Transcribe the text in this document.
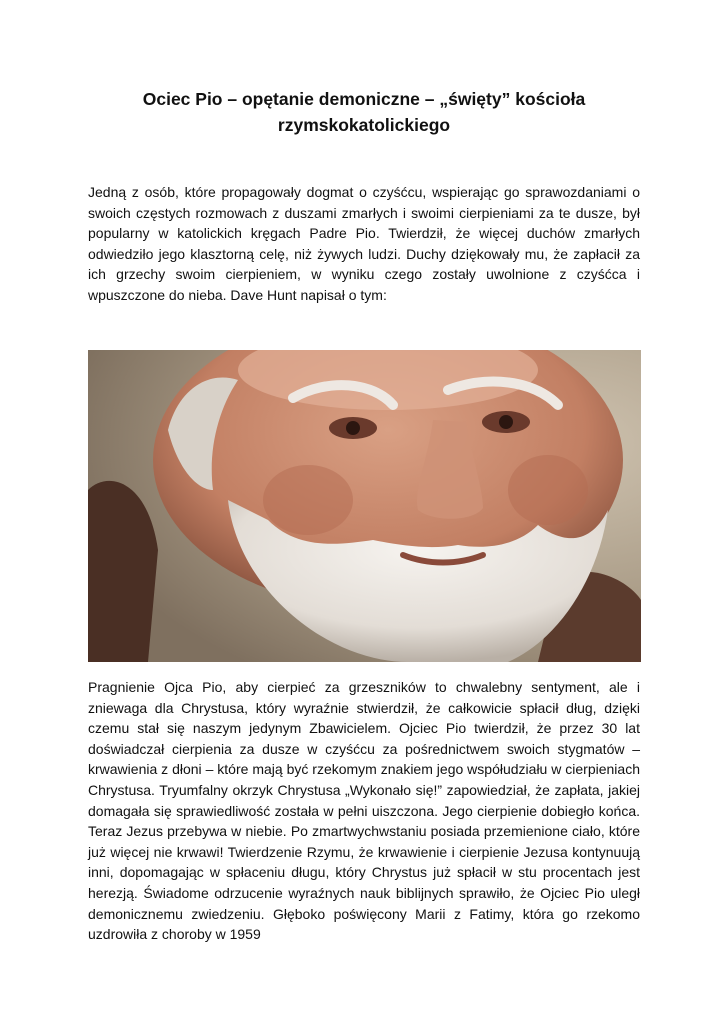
Ociec Pio – opętanie demoniczne – „święty” kościoła rzymskokatolickiego

Jedną z osób, które propagowały dogmat o czyśćcu, wspierając go sprawozdaniami o swoich częstych rozmowach z duszami zmarłych i swoimi cierpieniami za te dusze, był popularny w katolickich kręgach Padre Pio. Twierdził, że więcej duchów zmarłych odwiedziło jego klasztorną celę, niż żywych ludzi. Duchy dziękowały mu, że zapłacił za ich grzechy swoim cierpieniem, w wyniku czego zostały uwolnione z czyśćca i wpuszczone do nieba. Dave Hunt napisał o tym:

Pragnienie Ojca Pio, aby cierpieć za grzeszników to chwalebny sentyment, ale i zniewaga dla Chrystusa, który wyraźnie stwierdził, że całkowicie spłacił dług, dzięki czemu stał się naszym jedynym Zbawicielem. Ojciec Pio twierdził, że przez 30 lat doświadczał cierpienia za dusze w czyśćcu za pośrednictwem swoich stygmatów – krwawienia z dłoni – które mają być rzekomym znakiem jego współudziału w cierpieniach Chrystusa. Tryumfalny okrzyk Chrystusa „Wykonało się!” zapowiedział, że zapłata, jakiej domagała się sprawiedliwość została w pełni uiszczona. Jego cierpienie dobiegło końca. Teraz Jezus przebywa w niebie. Po zmartwychwstaniu posiada przemienione ciało, które już więcej nie krwawi! Twierdzenie Rzymu, że krwawienie i cierpienie Jezusa kontynuują inni, dopomagając w spłaceniu długu, który Chrystus już spłacił w stu procentach jest herezją. Świadome odrzucenie wyraźnych nauk biblijnych sprawiło, że Ojciec Pio uległ demonicznemu zwiedzeniu. Głęboko poświęcony Marii z Fatimy, która go rzekomo uzdrowiła z choroby w 1959
